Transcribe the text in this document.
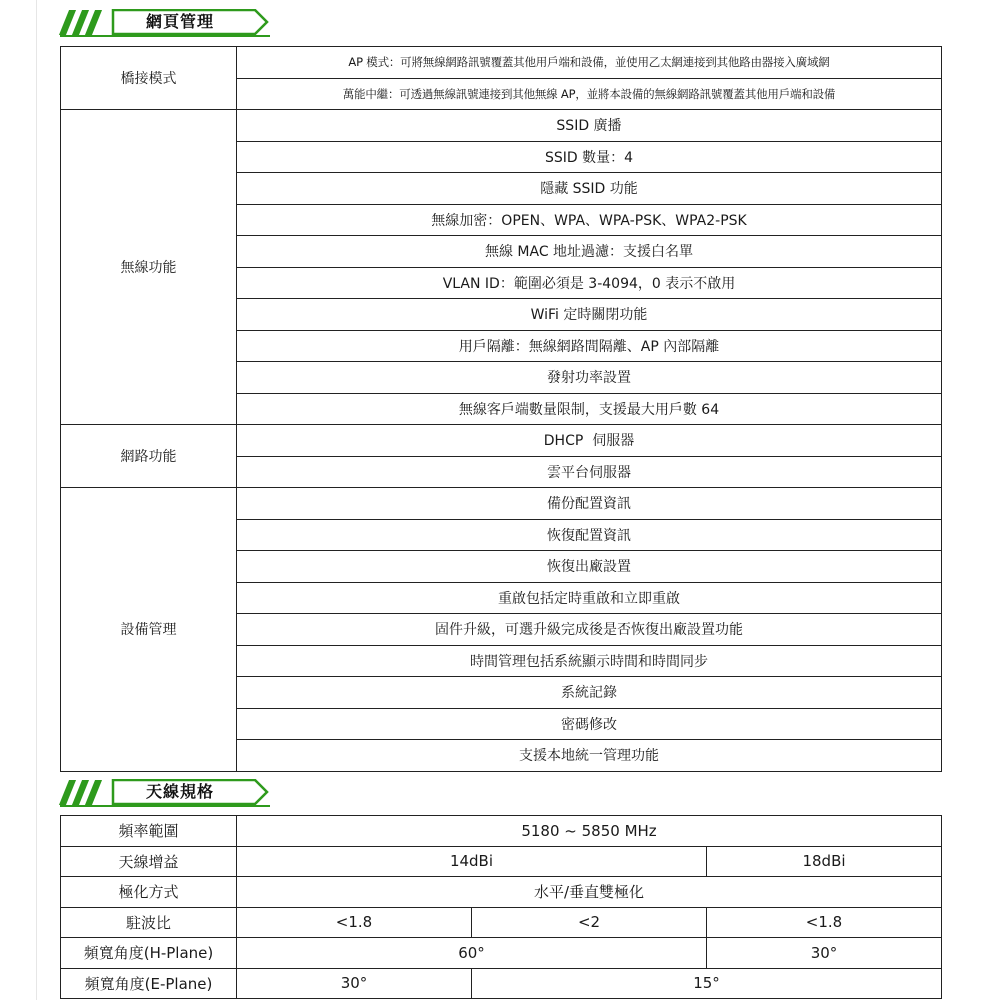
網頁管理
橋接模式	AP 模式：可將無線網路訊號覆蓋其他用戶端和設備，並使用乙太網連接到其他路由器接入廣域網
	萬能中繼：可透過無線訊號連接到其他無線 AP，並將本設備的無線網路訊號覆蓋其他用戶端和設備
無線功能	SSID 廣播
	SSID 數量：4
	隱藏 SSID 功能
	無線加密：OPEN、WPA、WPA-PSK、WPA2-PSK
	無線 MAC 地址過濾：支援白名單
	VLAN ID：範圍必須是 3-4094，0 表示不啟用
	WiFi 定時關閉功能
	用戶隔離：無線網路間隔離、AP 內部隔離
	發射功率設置
	無線客戶端數量限制，支援最大用戶數 64
網路功能	DHCP  伺服器
	雲平台伺服器
設備管理	備份配置資訊
	恢復配置資訊
	恢復出廠設置
	重啟包括定時重啟和立即重啟
	固件升級，可選升級完成後是否恢復出廠設置功能
	時間管理包括系統顯示時間和時間同步
	系統記錄
	密碼修改
	支援本地統一管理功能
天線規格
頻率範圍	5180 ~ 5850 MHz		
天線增益	14dBi		18dBi
極化方式	水平/垂直雙極化		
駐波比	<1.8	<2	<1.8
頻寬角度(H-Plane)	60°		30°
頻寬角度(E-Plane)	30°	15°	
